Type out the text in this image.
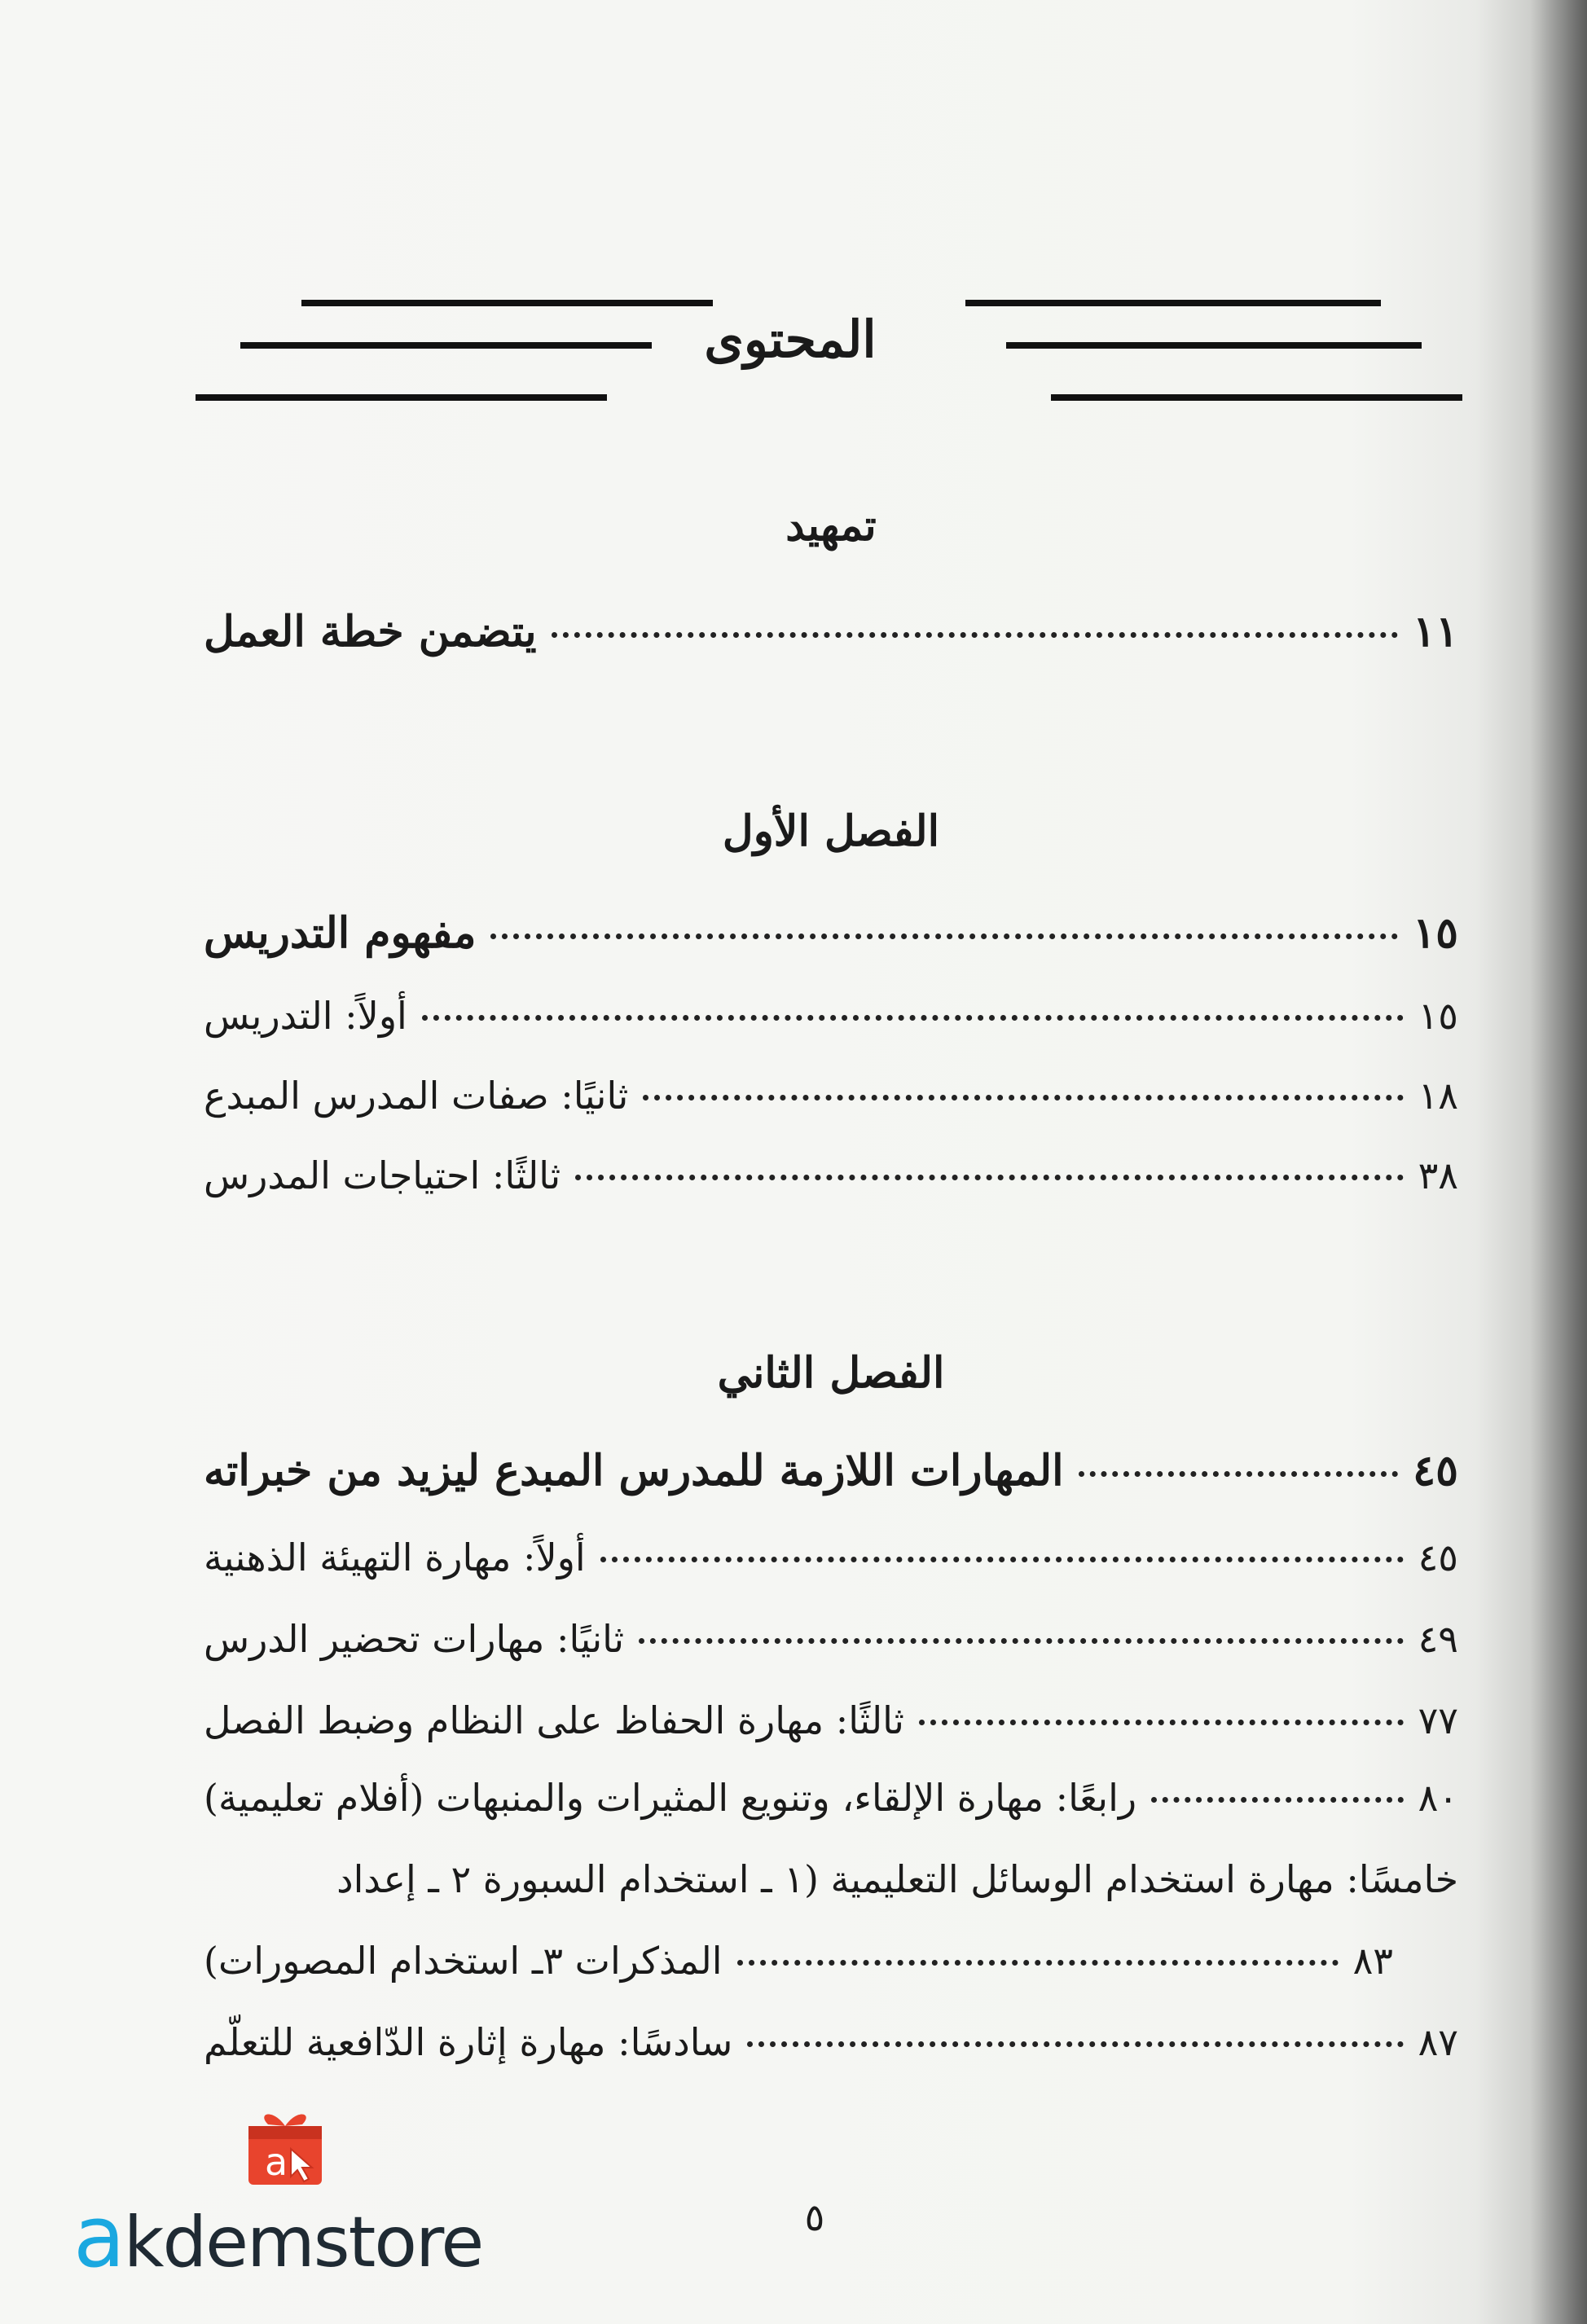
المحتوى
تمهيد
يتضمن خطة العمل	١١
الفصل الأول
مفهوم التدريس	١٥
أولاً: التدريس	١٥
ثانيًا: صفات المدرس المبدع	١٨
ثالثًا: احتياجات المدرس	٣٨
الفصل الثاني
المهارات اللازمة للمدرس المبدع ليزيد من خبراته	٤٥
أولاً: مهارة التهيئة الذهنية	٤٥
ثانيًا: مهارات تحضير الدرس	٤٩
ثالثًا: مهارة الحفاظ على النظام وضبط الفصل	٧٧
رابعًا: مهارة الإلقاء، وتنويع المثيرات والمنبهات (أفلام تعليمية)	٨٠
خامسًا: مهارة استخدام الوسائل التعليمية (١ ـ استخدام السبورة ٢ ـ إعداد
المذكرات ٣ـ استخدام المصورات)	٨٣
سادسًا: مهارة إثارة الدّافعية للتعلّم	٨٧
٥
a
akdemstore
